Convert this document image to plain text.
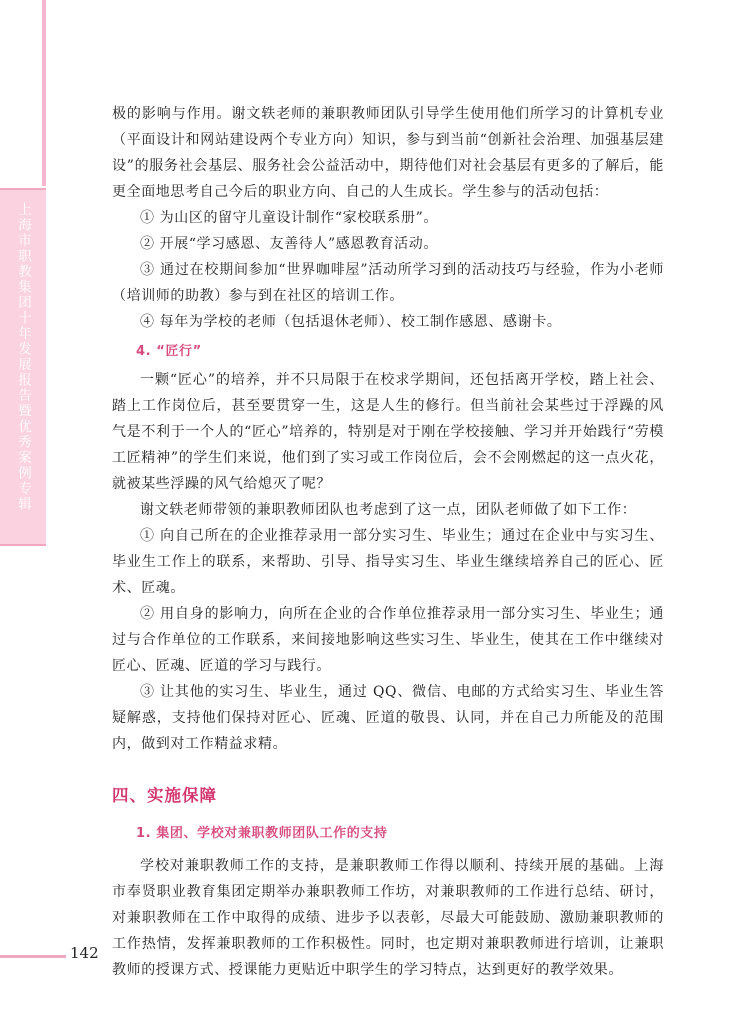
上海市职教集团十年发展报告暨优秀案例专辑
142

极的影响与作用。谢文轶老师的兼职教师团队引导学生使用他们所学习的计算机专业（平面设计和网站建设两个专业方向）知识，参与到当前“创新社会治理、加强基层建设”的服务社会基层、服务社会公益活动中，期待他们对社会基层有更多的了解后，能更全面地思考自己今后的职业方向、自己的人生成长。学生参与的活动包括：

① 为山区的留守儿童设计制作“家校联系册”。

② 开展“学习感恩、友善待人”感恩教育活动。

③ 通过在校期间参加“世界咖啡屋”活动所学习到的活动技巧与经验，作为小老师（培训师的助教）参与到在社区的培训工作。

④ 每年为学校的老师（包括退休老师）、校工制作感恩、感谢卡。

4. “匠行”

一颗“匠心”的培养，并不只局限于在校求学期间，还包括离开学校，踏上社会、踏上工作岗位后，甚至要贯穿一生，这是人生的修行。但当前社会某些过于浮躁的风气是不利于一个人的“匠心”培养的，特别是对于刚在学校接触、学习并开始践行“劳模工匠精神”的学生们来说，他们到了实习或工作岗位后，会不会刚燃起的这一点火花，就被某些浮躁的风气给熄灭了呢？

谢文轶老师带领的兼职教师团队也考虑到了这一点，团队老师做了如下工作：

① 向自己所在的企业推荐录用一部分实习生、毕业生；通过在企业中与实习生、毕业生工作上的联系，来帮助、引导、指导实习生、毕业生继续培养自己的匠心、匠术、匠魂。

② 用自身的影响力，向所在企业的合作单位推荐录用一部分实习生、毕业生；通过与合作单位的工作联系，来间接地影响这些实习生、毕业生，使其在工作中继续对匠心、匠魂、匠道的学习与践行。

③ 让其他的实习生、毕业生，通过 QQ、微信、电邮的方式给实习生、毕业生答疑解惑，支持他们保持对匠心、匠魂、匠道的敬畏、认同，并在自己力所能及的范围内，做到对工作精益求精。

四、实施保障

1. 集团、学校对兼职教师团队工作的支持

学校对兼职教师工作的支持，是兼职教师工作得以顺利、持续开展的基础。上海市奉贤职业教育集团定期举办兼职教师工作坊，对兼职教师的工作进行总结、研讨，对兼职教师在工作中取得的成绩、进步予以表彰，尽最大可能鼓励、激励兼职教师的工作热情，发挥兼职教师的工作积极性。同时，也定期对兼职教师进行培训，让兼职教师的授课方式、授课能力更贴近中职学生的学习特点，达到更好的教学效果。
